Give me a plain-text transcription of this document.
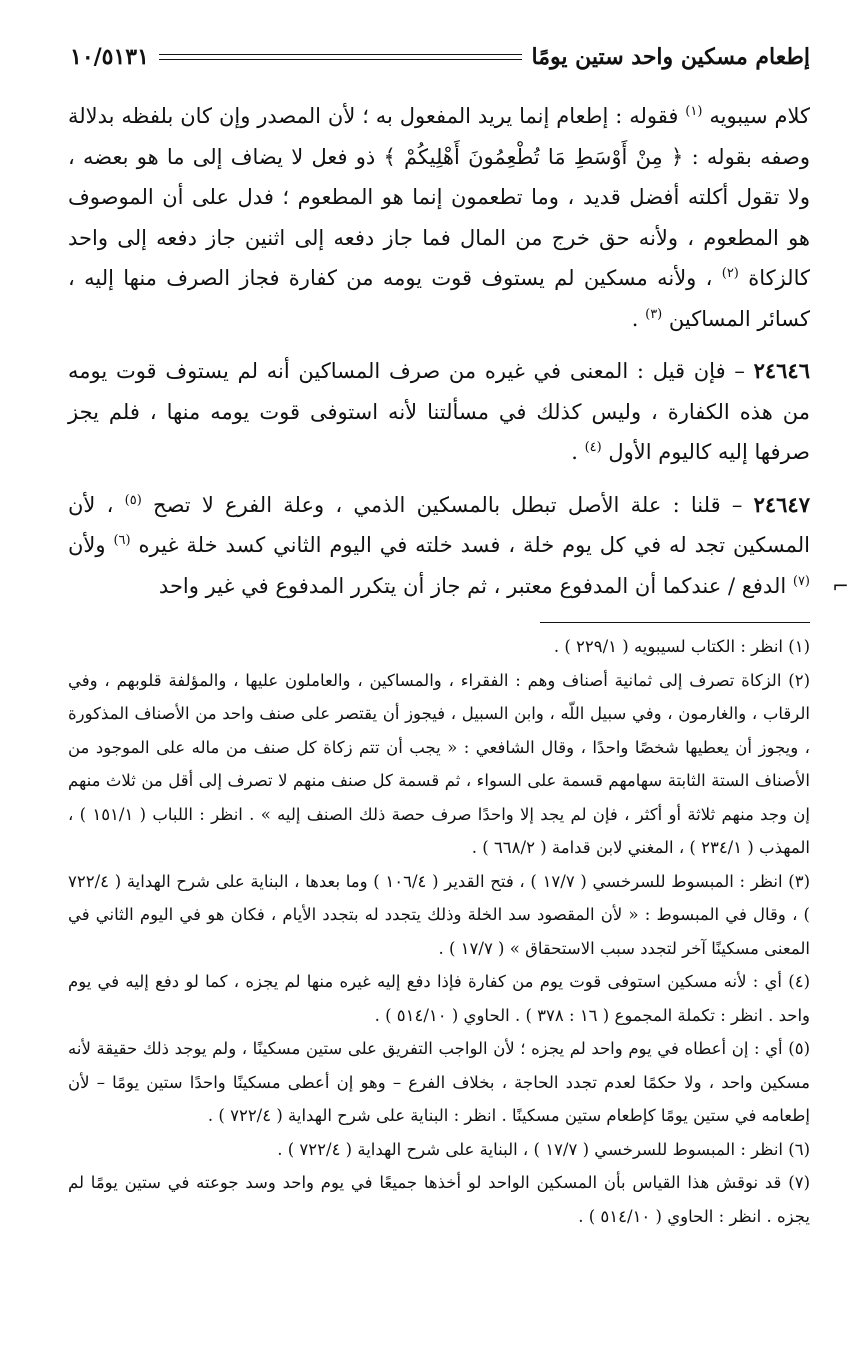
إطعام مسكين واحد ستين يومًا
١٠/٥١٣١

كلام سيبويه $^{(١)}$ فقوله : إطعام إنما يريد المفعول به ؛ لأن المصدر وإن كان بلفظه بدلالة وصفه بقوله : ﴿ مِنْ أَوْسَطِ مَا تُطْعِمُونَ أَهْلِيكُمْ ﴾ ذو فعل لا يضاف إلى ما هو بعضه ، ولا تقول أكلته أفضل قديد ، وما تطعمون إنما هو المطعوم ؛ فدل على أن الموصوف هو المطعوم ، ولأنه حق خرج من المال فما جاز دفعه إلى اثنين جاز دفعه إلى واحد كالزكاة $^{(٢)}$ ، ولأنه مسكين لم يستوف قوت يومه من كفارة فجاز الصرف منها إليه ، كسائر المساكين $^{(٣)}$ .

٢٤٦٤٦ – فإن قيل : المعنى في غيره من صرف المساكين أنه لم يستوف قوت يومه من هذه الكفارة ، وليس كذلك في مسألتنا لأنه استوفى قوت يومه منها ، فلم يجز صرفها إليه كاليوم الأول $^{(٤)}$ .

٢٤٦٤٧ – قلنا : علة الأصل تبطل بالمسكين الذمي ، وعلة الفرع لا تصح $^{(٥)}$ ، لأن المسكين تجد له في كل يوم خلة ، فسد خلته في اليوم الثاني كسد خلة غيره $^{(٦)}$ ولأن $^{(٧)}$ الدفع / عندكما أن المدفوع معتبر ، ثم جاز أن يتكرر المدفوع في غير واحد	⌐

(١) انظر : الكتاب لسيبويه ( ٢٢٩/١ ) .

(٢) الزكاة تصرف إلى ثمانية أصناف وهم : الفقراء ، والمساكين ، والعاملون عليها ، والمؤلفة قلوبهم ، وفي الرقاب ، والغارمون ، وفي سبيل اللّه ، وابن السبيل ، فيجوز أن يقتصر على صنف واحد من الأصناف المذكورة ، ويجوز أن يعطيها شخصًا واحدًا ، وقال الشافعي : « يجب أن تتم زكاة كل صنف من ماله على الموجود من الأصناف الستة الثابتة سهامهم قسمة على السواء ، ثم قسمة كل صنف منهم لا تصرف إلى أقل من ثلاث منهم إن وجد منهم ثلاثة أو أكثر ، فإن لم يجد إلا واحدًا صرف حصة ذلك الصنف إليه » . انظر : اللباب ( ١٥١/١ ) ، المهذب ( ٢٣٤/١ ) ، المغني لابن قدامة ( ٦٦٨/٢ ) .

(٣) انظر : المبسوط للسرخسي ( ١٧/٧ ) ، فتح القدير ( ١٠٦/٤ ) وما بعدها ، البناية على شرح الهداية ( ٧٢٢/٤ ) ، وقال في المبسوط : « لأن المقصود سد الخلة وذلك يتجدد له بتجدد الأيام ، فكان هو في اليوم الثاني في المعنى مسكينًا آخر لتجدد سبب الاستحقاق » ( ١٧/٧ ) .

(٤) أي : لأنه مسكين استوفى قوت يوم من كفارة فإذا دفع إليه غيره منها لم يجزه ، كما لو دفع إليه في يوم واحد . انظر : تكملة المجموع ( ١٦ : ٣٧٨ ) . الحاوي ( ٥١٤/١٠ ) .

(٥) أي : إن أعطاه في يوم واحد لم يجزه ؛ لأن الواجب التفريق على ستين مسكينًا ، ولم يوجد ذلك حقيقة لأنه مسكين واحد ، ولا حكمًا لعدم تجدد الحاجة ، بخلاف الفرع – وهو إن أعطى مسكينًا واحدًا ستين يومًا – لأن إطعامه في ستين يومًا كإطعام ستين مسكينًا . انظر : البناية على شرح الهداية ( ٧٢٢/٤ ) .

(٦) انظر : المبسوط للسرخسي ( ١٧/٧ ) ، البناية على شرح الهداية ( ٧٢٢/٤ ) .

(٧) قد نوقش هذا القياس بأن المسكين الواحد لو أخذها جميعًا في يوم واحد وسد جوعته في ستين يومًا لم يجزه . انظر : الحاوي ( ٥١٤/١٠ ) .
